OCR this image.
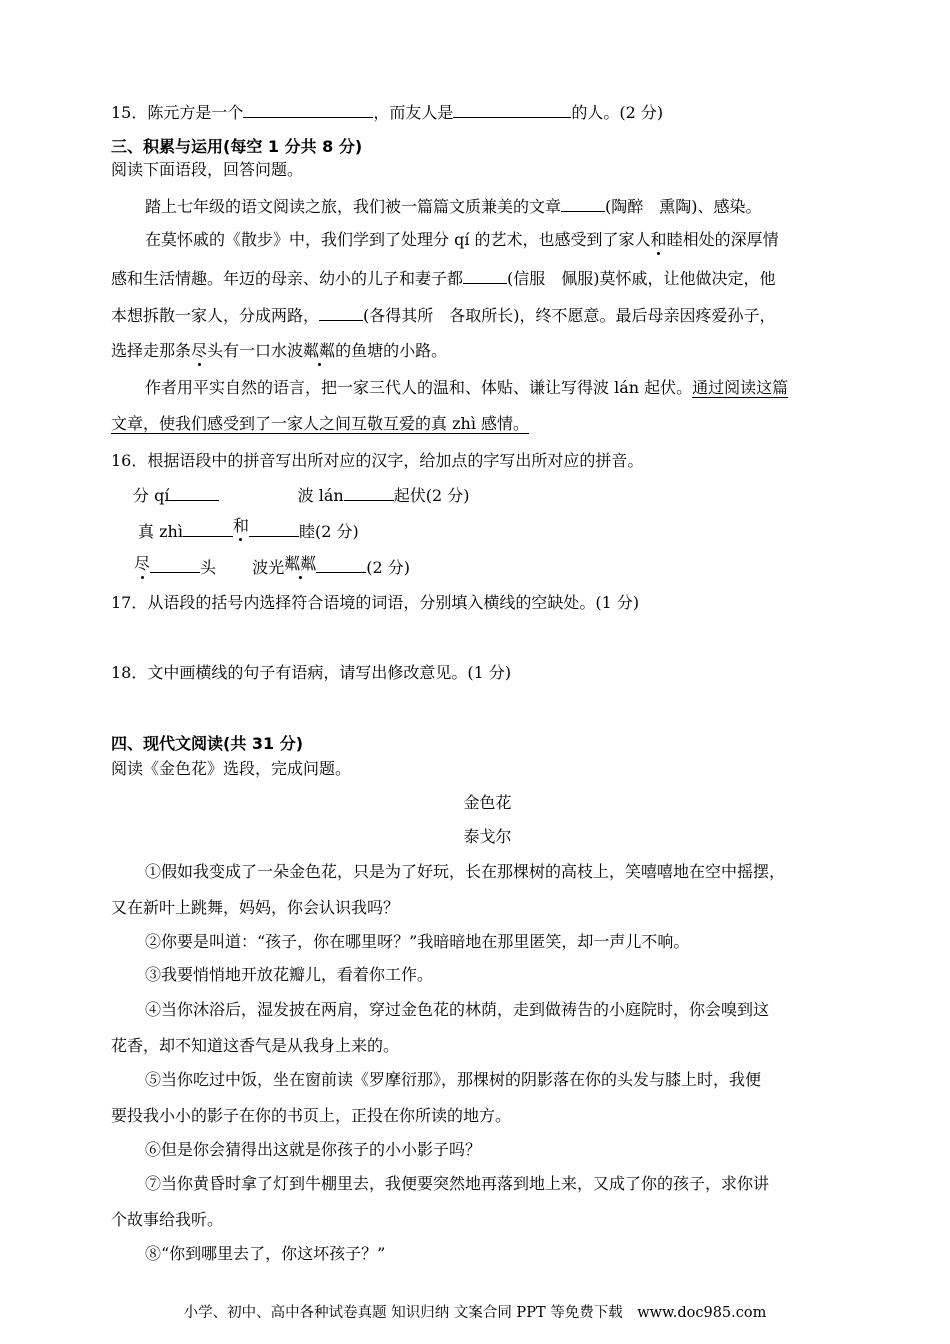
15．陈元方是一个	，而友人是	的人。(2 分)
三、积累与运用(每空 1 分共 8 分)
阅读下面语段，回答问题。
踏上七年级的语文阅读之旅，我们被一篇篇文质兼美的文章	(陶醉　熏陶)、感染。
在莫怀戚的《散步》中，我们学到了处理分 qí 的艺术，也感受到了家人和睦相处的深厚情
感和生活情趣。年迈的母亲、幼小的儿子和妻子都	(信服　佩服)莫怀戚，让他做决定，他
本想拆散一家人，分成两路，	(各得其所　各取所长)，终不愿意。最后母亲因疼爱孙子，
选择走那条尽头有一口水波粼粼的鱼塘的小路。
作者用平实自然的语言，把一家三代人的温和、体贴、谦让写得波 lán 起伏。通过阅读这篇
文章，使我们感受到了一家人之间互敬互爱的真 zhì 感情。
16．根据语段中的拼音写出所对应的汉字，给加点的字写出所对应的拼音。
分 qí	波 lán	起伏(2 分)
真 zhì	和	睦(2 分)
尽	头 波光粼粼	(2 分)
17．从语段的括号内选择符合语境的词语，分别填入横线的空缺处。(1 分)
18．文中画横线的句子有语病，请写出修改意见。(1 分)
四、现代文阅读(共 31 分)
阅读《金色花》选段，完成问题。
金色花
泰戈尔
①假如我变成了一朵金色花，只是为了好玩，长在那棵树的高枝上，笑嘻嘻地在空中摇摆，
又在新叶上跳舞，妈妈，你会认识我吗？
②你要是叫道：“孩子，你在哪里呀？”我暗暗地在那里匿笑，却一声儿不响。
③我要悄悄地开放花瓣儿，看着你工作。
④当你沐浴后，湿发披在两肩，穿过金色花的林荫，走到做祷告的小庭院时，你会嗅到这
花香，却不知道这香气是从我身上来的。
⑤当你吃过中饭，坐在窗前读《罗摩衍那》，那棵树的阴影落在你的头发与膝上时，我便
要投我小小的影子在你的书页上，正投在你所读的地方。
⑥但是你会猜得出这就是你孩子的小小影子吗？
⑦当你黄昏时拿了灯到牛棚里去，我便要突然地再落到地上来，又成了你的孩子，求你讲
个故事给我听。
⑧“你到哪里去了，你这坏孩子？”
小学、初中、高中各种试卷真题 知识归纳 文案合同 PPT 等免费下载　www.doc985.com
